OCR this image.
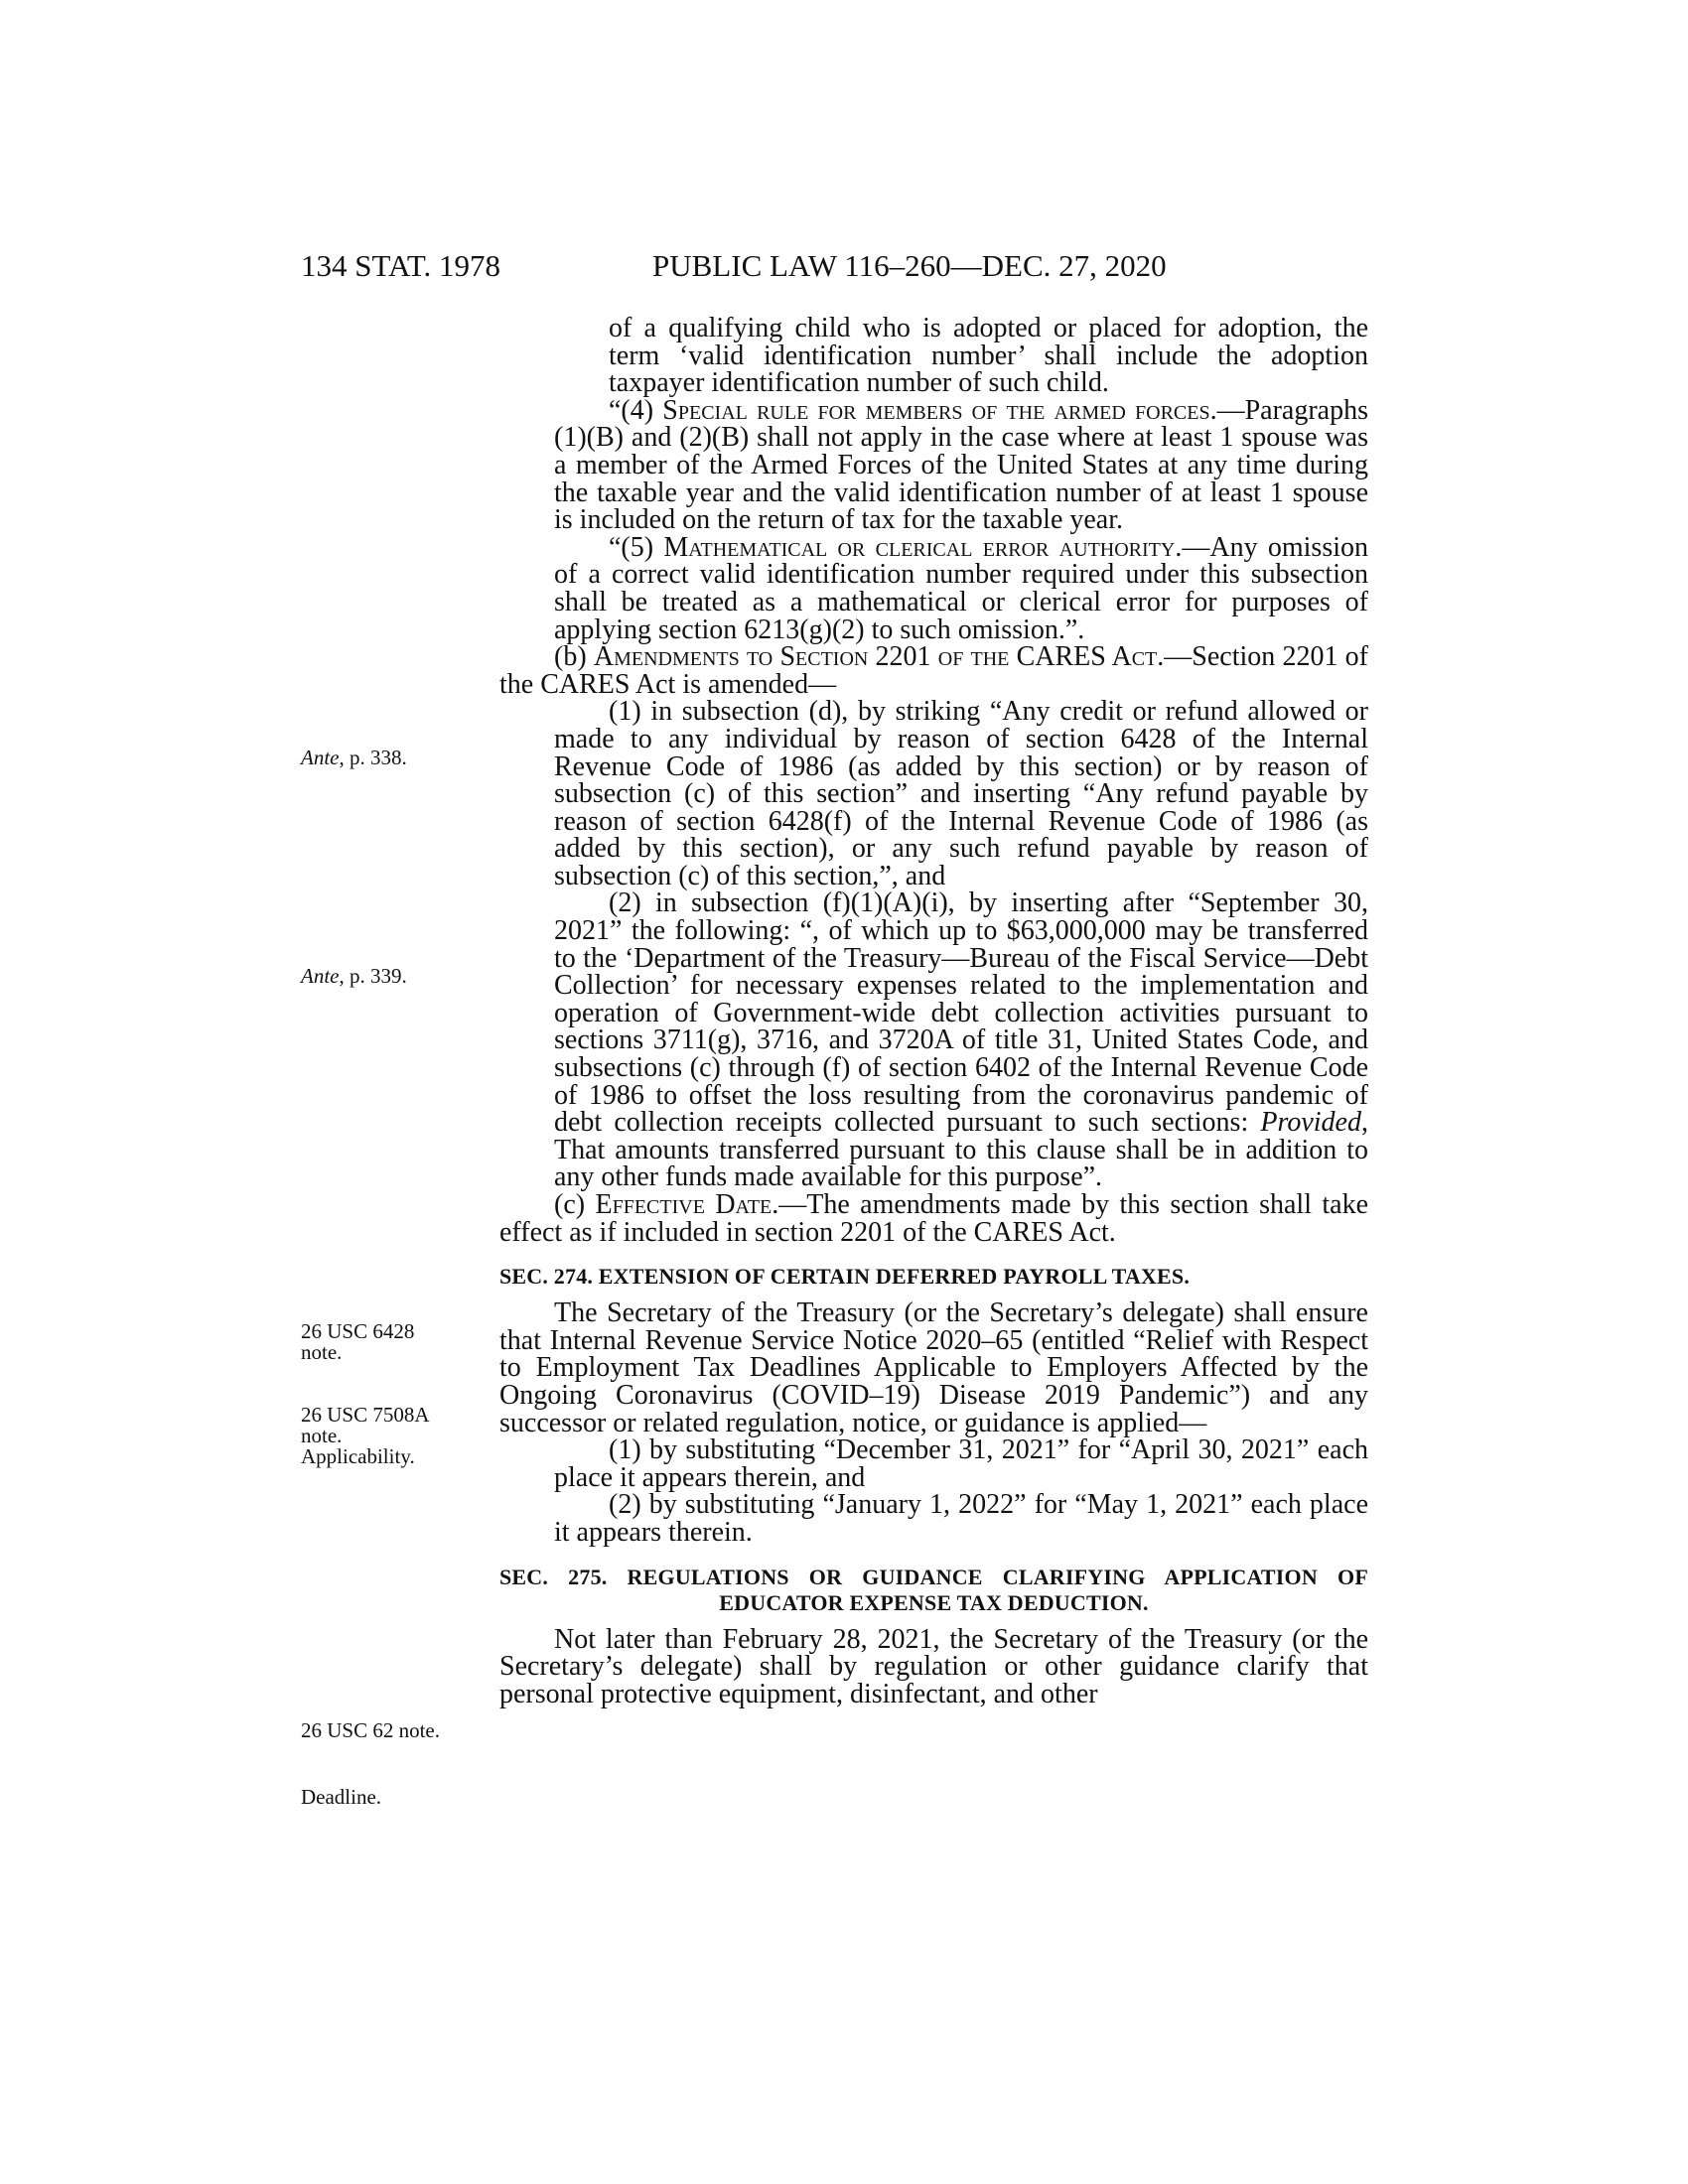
134 STAT. 1978	PUBLIC LAW 116–260—DEC. 27, 2020
Ante, p. 338.
Ante, p. 339.
26 USC 6428
note.
26 USC 7508A
note.
Applicability.
26 USC 62 note.
Deadline.

of a qualifying child who is adopted or placed for adoption, the term ‘valid identification number’ shall include the adoption taxpayer identification number of such child.

“(4) Special rule for members of the armed forces.—Paragraphs (1)(B) and (2)(B) shall not apply in the case where at least 1 spouse was a member of the Armed Forces of the United States at any time during the taxable year and the valid identification number of at least 1 spouse is included on the return of tax for the taxable year.

“(5) Mathematical or clerical error authority.—Any omission of a correct valid identification number required under this subsection shall be treated as a mathematical or clerical error for purposes of applying section 6213(g)(2) to such omission.”.

(b) Amendments to Section 2201 of the CARES Act.—Section 2201 of the CARES Act is amended—

(1) in subsection (d), by striking “Any credit or refund allowed or made to any individual by reason of section 6428 of the Internal Revenue Code of 1986 (as added by this section) or by reason of subsection (c) of this section” and inserting “Any refund payable by reason of section 6428(f) of the Internal Revenue Code of 1986 (as added by this section), or any such refund payable by reason of subsection (c) of this section,”, and

(2) in subsection (f)(1)(A)(i), by inserting after “September 30, 2021” the following: “, of which up to $63,000,000 may be transferred to the ‘Department of the Treasury—Bureau of the Fiscal Service—Debt Collection’ for necessary expenses related to the implementation and operation of Government-wide debt collection activities pursuant to sections 3711(g), 3716, and 3720A of title 31, United States Code, and subsections (c) through (f) of section 6402 of the Internal Revenue Code of 1986 to offset the loss resulting from the coronavirus pandemic of debt collection receipts collected pursuant to such sections: Provided, That amounts transferred pursuant to this clause shall be in addition to any other funds made available for this purpose”.

(c) Effective Date.—The amendments made by this section shall take effect as if included in section 2201 of the CARES Act.

SEC. 274. EXTENSION OF CERTAIN DEFERRED PAYROLL TAXES.

The Secretary of the Treasury (or the Secretary’s delegate) shall ensure that Internal Revenue Service Notice 2020–65 (entitled “Relief with Respect to Employment Tax Deadlines Applicable to Employers Affected by the Ongoing Coronavirus (COVID–19) Disease 2019 Pandemic”) and any successor or related regulation, notice, or guidance is applied—

(1) by substituting “December 31, 2021” for “April 30, 2021” each place it appears therein, and

(2) by substituting “January 1, 2022” for “May 1, 2021” each place it appears therein.

SEC. 275. REGULATIONS OR GUIDANCE CLARIFYING APPLICATION OF
EDUCATOR EXPENSE TAX DEDUCTION.

Not later than February 28, 2021, the Secretary of the Treasury (or the Secretary’s delegate) shall by regulation or other guidance clarify that personal protective equipment, disinfectant, and other
